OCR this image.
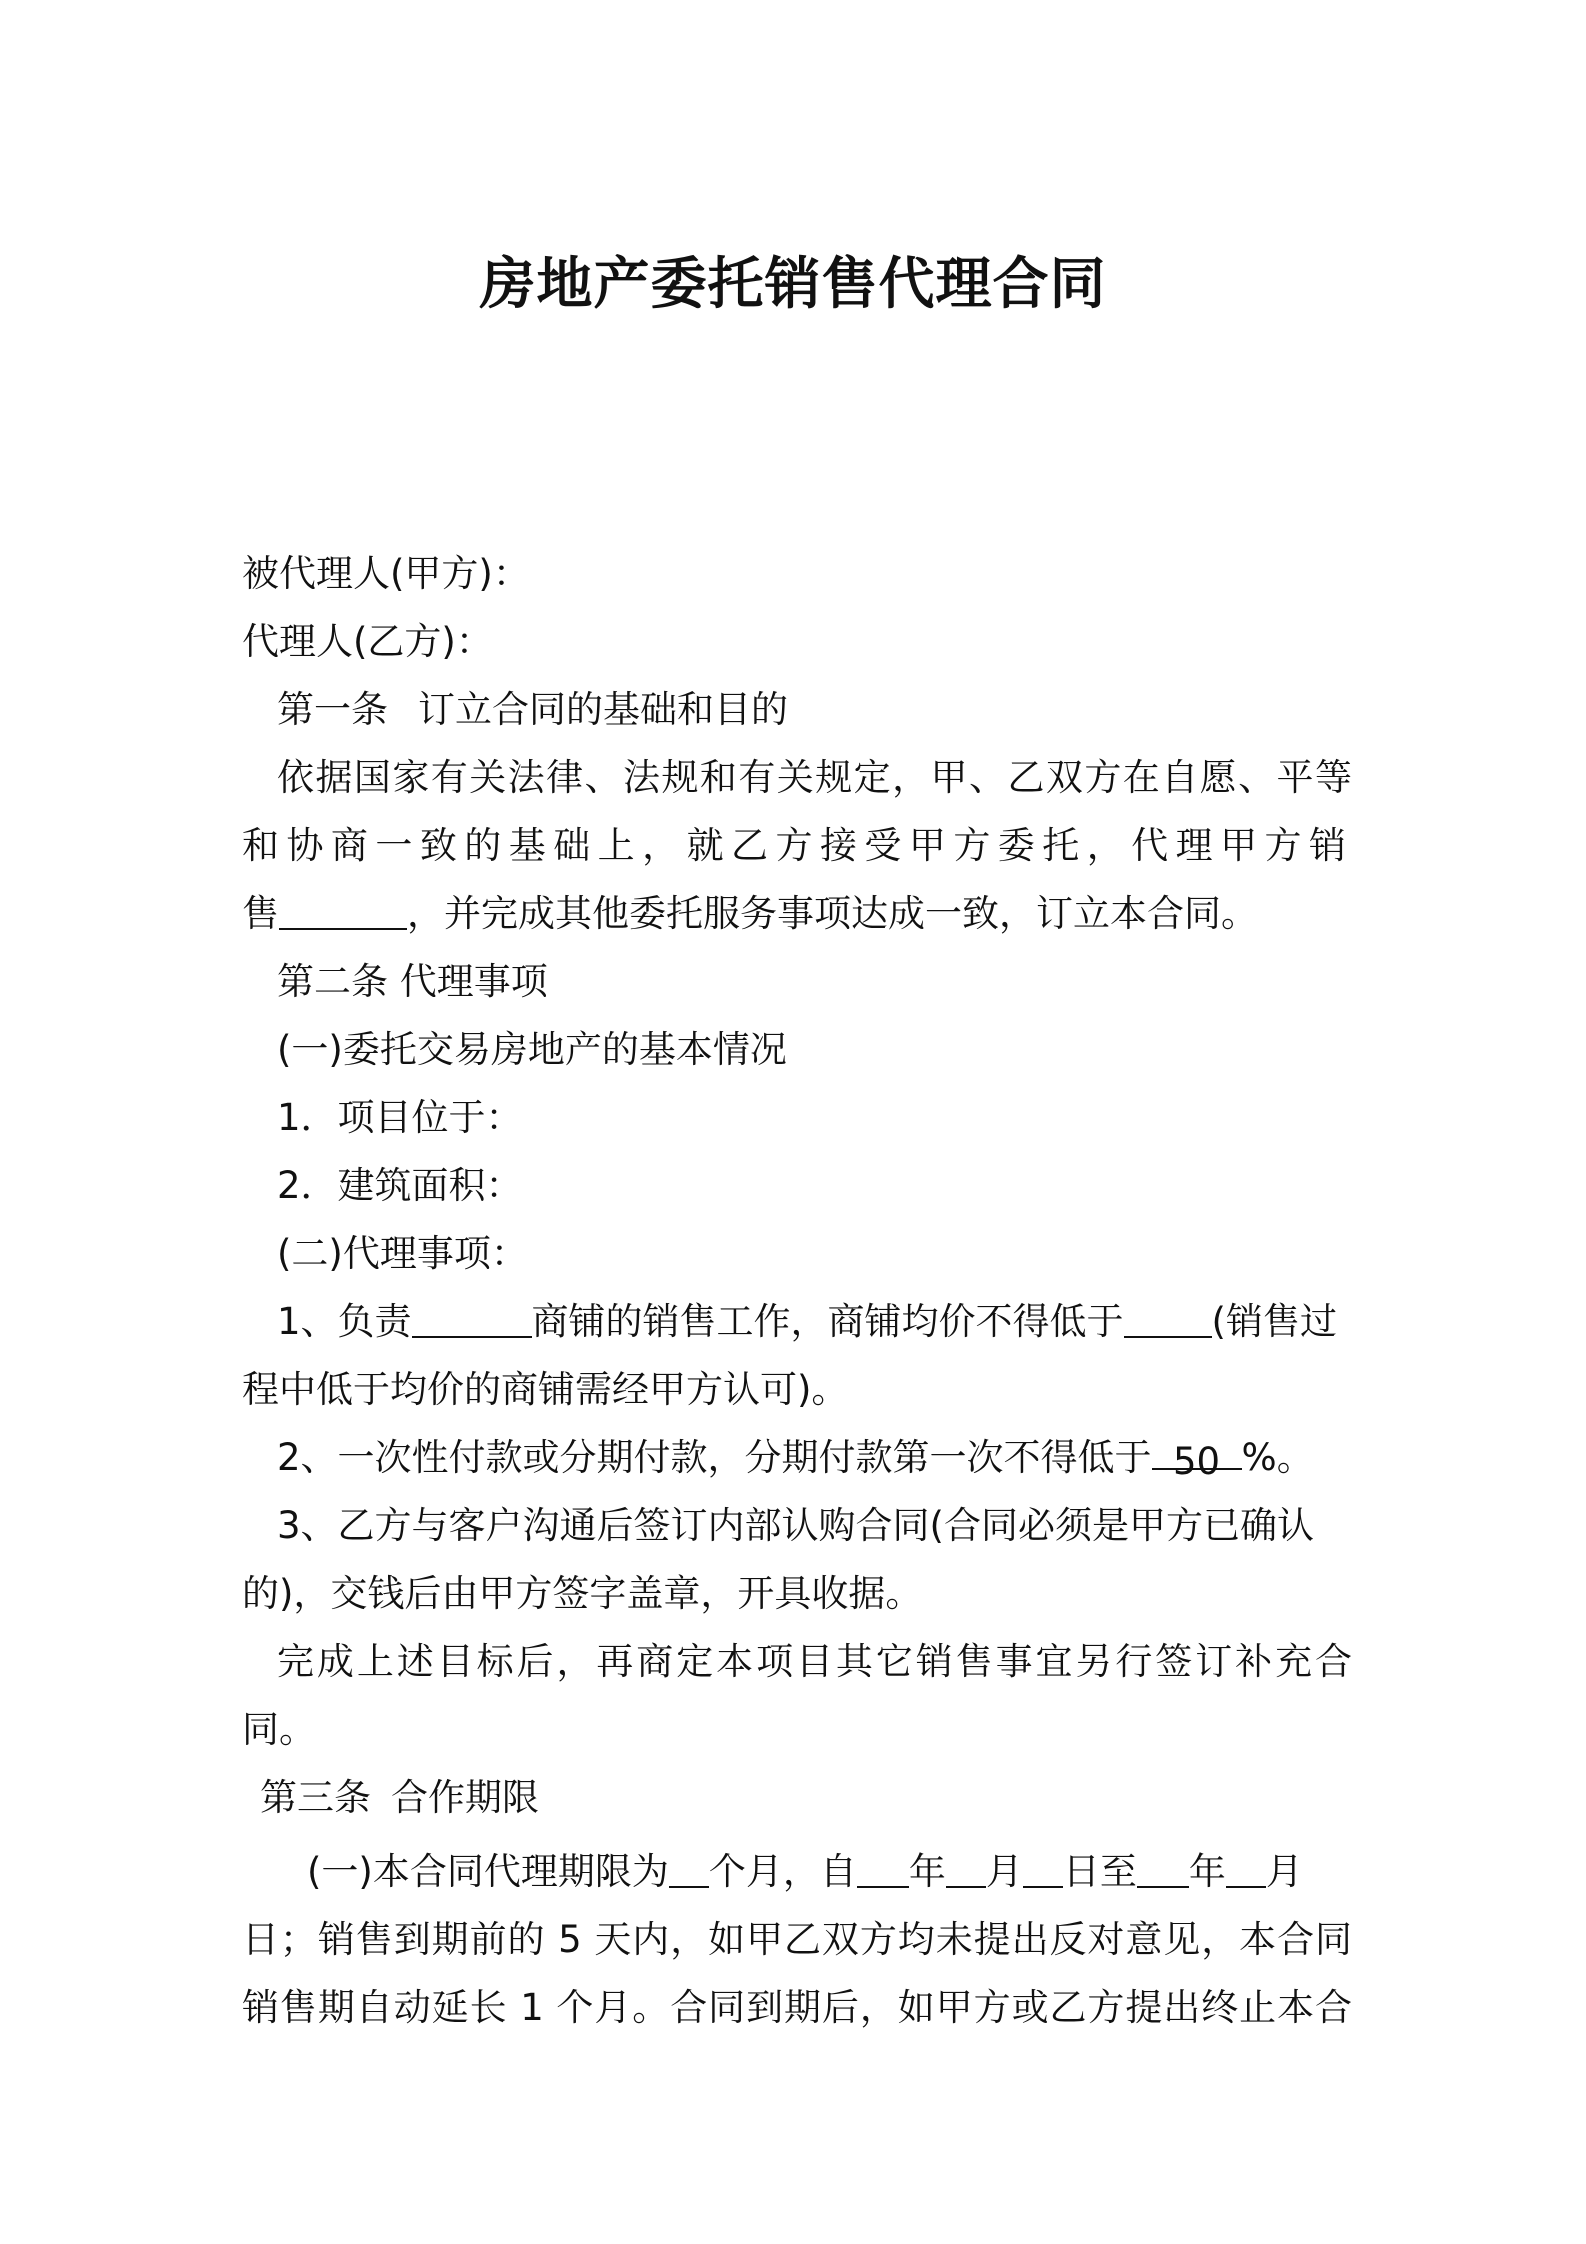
房地产委托销售代理合同

被代理人(甲方)：

代理人(乙方)：

第一条 订立合同的基础和目的

依据国家有关法律、法规和有关规定，甲、乙双方在自愿、平等

和协商一致的基础上，就乙方接受甲方委托，代理甲方销

售	，并完成其他委托服务事项达成一致，订立本合同。

第二条 代理事项

(一)委托交易房地产的基本情况

1．项目位于：

2．建筑面积：

(二)代理事项：

1、负责	商铺的销售工作，商铺均价不得低于 (销售过

程中低于均价的商铺需经甲方认可)。

2、一次性付款或分期付款，分期付款第一次不得低于 50 %。

3、乙方与客户沟通后签订内部认购合同(合同必须是甲方已确认

的)，交钱后由甲方签字盖章，开具收据。

完成上述目标后，再商定本项目其它销售事宜另行签订补充合

同。

第三条 合作期限

(一)本合同代理期限为 个月，自 年 月 日至 年 月

日；销售到期前的 5 天内，如甲乙双方均未提出反对意见，本合同

销售期自动延长 1 个月。合同到期后，如甲方或乙方提出终止本合
